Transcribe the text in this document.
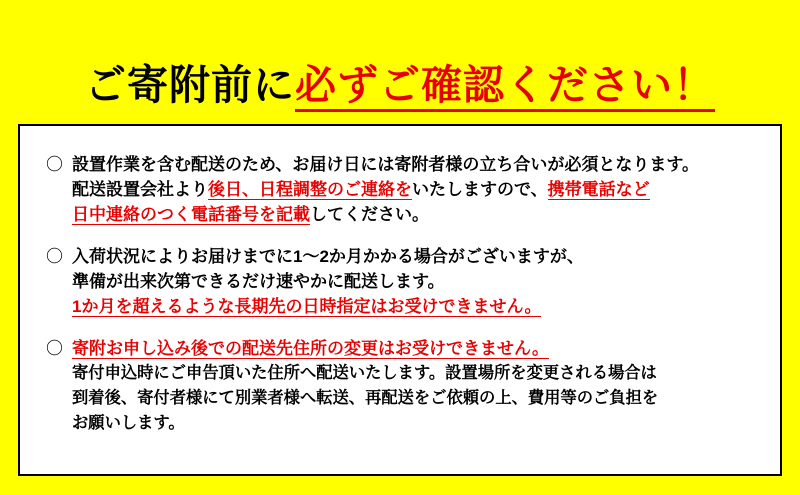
ご寄附前に必ずご確認ください！
〇 設置作業を含む配送のため、お届け日には寄附者様の立ち合いが必須となります。
配送設置会社より後日、日程調整のご連絡をいたしますので、携帯電話など
日中連絡のつく電話番号を記載してください。
〇 入荷状況によりお届けまでに1～2か月かかる場合がございますが、
準備が出来次第できるだけ速やかに配送します。
1か月を超えるような長期先の日時指定はお受けできません。
〇 寄附お申し込み後での配送先住所の変更はお受けできません。
寄付申込時にご申告頂いた住所へ配送いたします。設置場所を変更される場合は
到着後、寄付者様にて別業者様へ転送、再配送をご依頼の上、費用等のご負担を
お願いします。
